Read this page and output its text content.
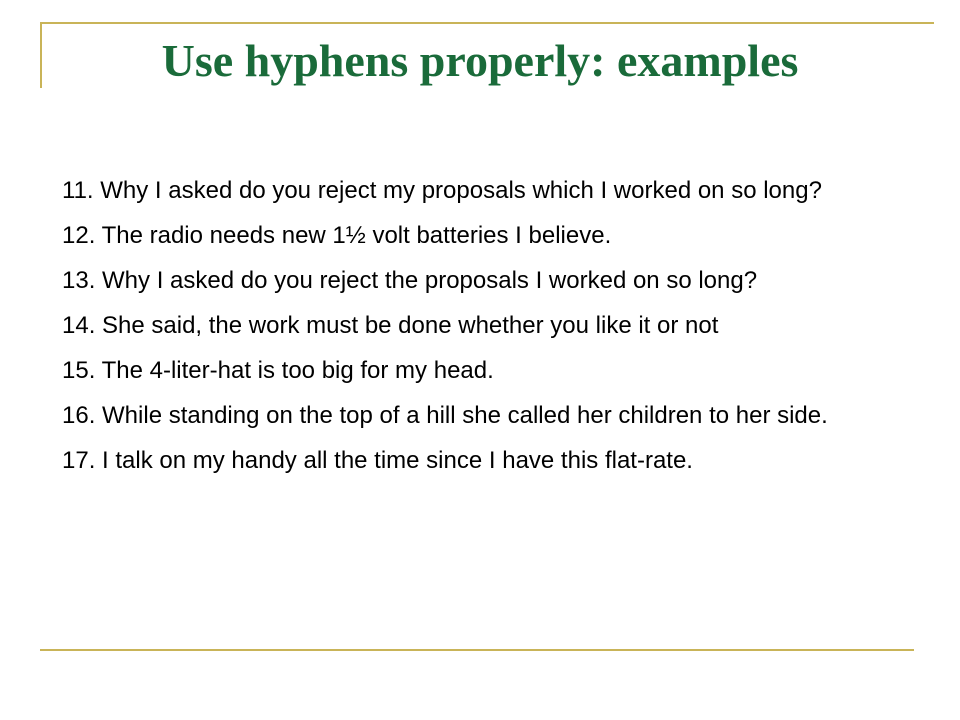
Use hyphens properly: examples
11. Why I asked do you reject my proposals which I worked on so long?
12. The radio needs new 1½ volt batteries I believe.
13. Why I asked do you reject the proposals I worked on so long?
14. She said, the work must be done whether you like it or not
15. The 4-liter-hat is too big for my head.
16. While standing on the top of a hill she called her children to her side.
17. I talk on my handy all the time since I have this flat-rate.
